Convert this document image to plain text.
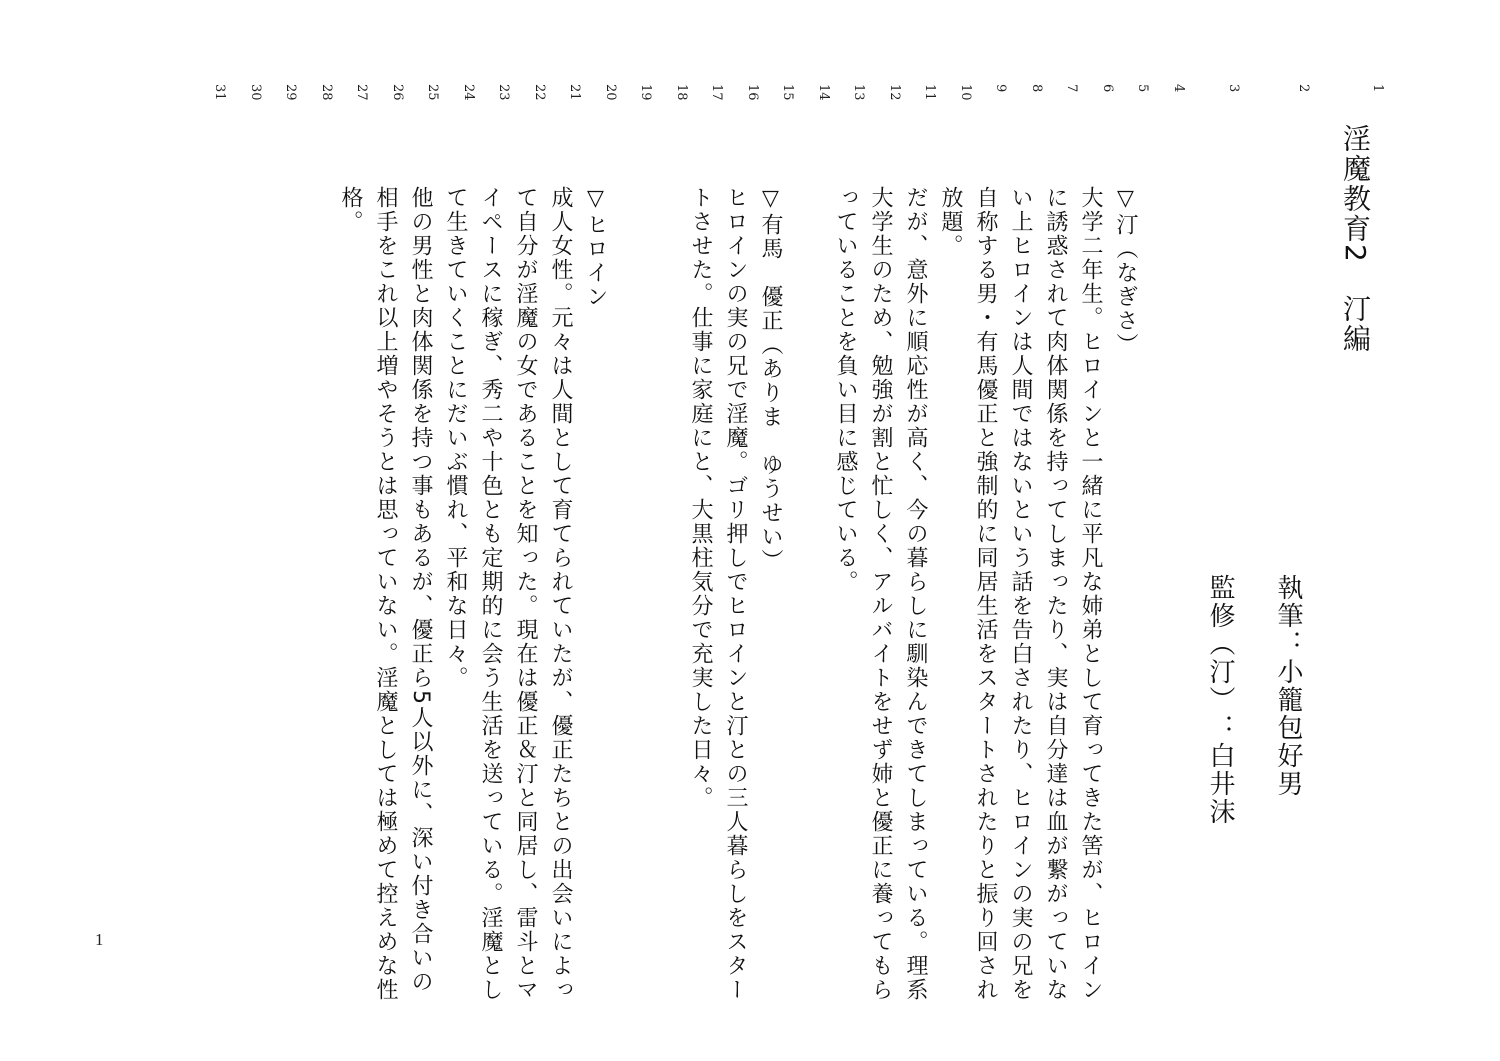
1
2
3
4
5
6
7
8
9
10
11
12
13
14
15
16
17
18
19
20
21
22
23
24
25
26
27
28
29
30
31
淫魔教育2　汀編
執筆：小籠包好男
監修（汀）：白井沫
▽汀（なぎさ）
大学二年生。ヒロインと一緒に平凡な姉弟として育ってきた筈が、ヒロイン
に誘惑されて肉体関係を持ってしまったり、実は自分達は血が繋がっていな
い上ヒロインは人間ではないという話を告白されたり、ヒロインの実の兄を
自称する男・有馬優正と強制的に同居生活をスタートされたりと振り回され
放題。
だが、意外に順応性が高く、今の暮らしに馴染んできてしまっている。理系
大学生のため、勉強が割と忙しく、アルバイトをせず姉と優正に養ってもら
っていることを負い目に感じている。
▽有馬　優正（ありま　ゆうせい）
ヒロインの実の兄で淫魔。ゴリ押しでヒロインと汀との三人暮らしをスター
トさせた。仕事に家庭にと、大黒柱気分で充実した日々。
▽ヒロイン
成人女性。元々は人間として育てられていたが、優正たちとの出会いによっ
て自分が淫魔の女であることを知った。現在は優正＆汀と同居し、雷斗とマ
イペースに稼ぎ、秀二や十色とも定期的に会う生活を送っている。淫魔とし
て生きていくことにだいぶ慣れ、平和な日々。
他の男性と肉体関係を持つ事もあるが、優正ら5人以外に、深い付き合いの
相手をこれ以上増やそうとは思っていない。淫魔としては極めて控えめな性
格。
1
